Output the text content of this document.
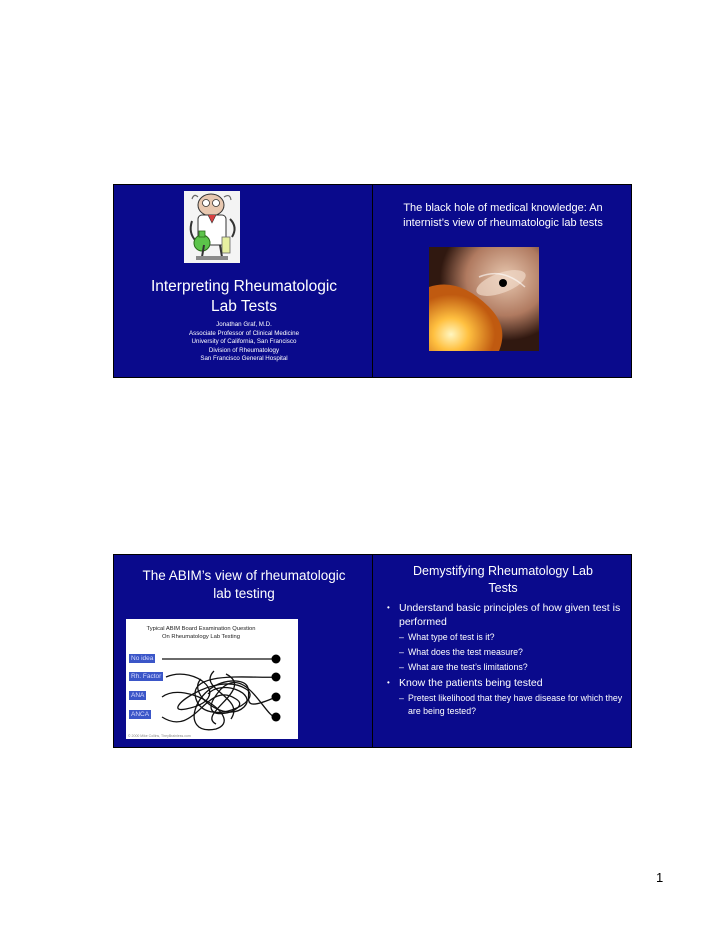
Interpreting Rheumatologic
Lab Tests
Jonathan Graf, M.D.
Associate Professor of Clinical Medicine
University of California, San Francisco
Division of Rheumatology
San Francisco General Hospital
The black hole of medical knowledge: An
internist’s view of rheumatologic lab tests
The ABIM’s view of rheumatologic
lab testing
Typical ABIM Board Examination Question
On Rheumatology Lab Testing
No idea
Rh. Factor
ANA
ANCA
© 2000 Mike Collins, TheyBrainless.com
Demystifying Rheumatology Lab
Tests
• Understand basic principles of how given test is performed
– What type of test is it?
– What does the test measure?
– What are the test’s limitations?
• Know the patients being tested
– Pretest likelihood that they have disease for which they are being tested?
1
